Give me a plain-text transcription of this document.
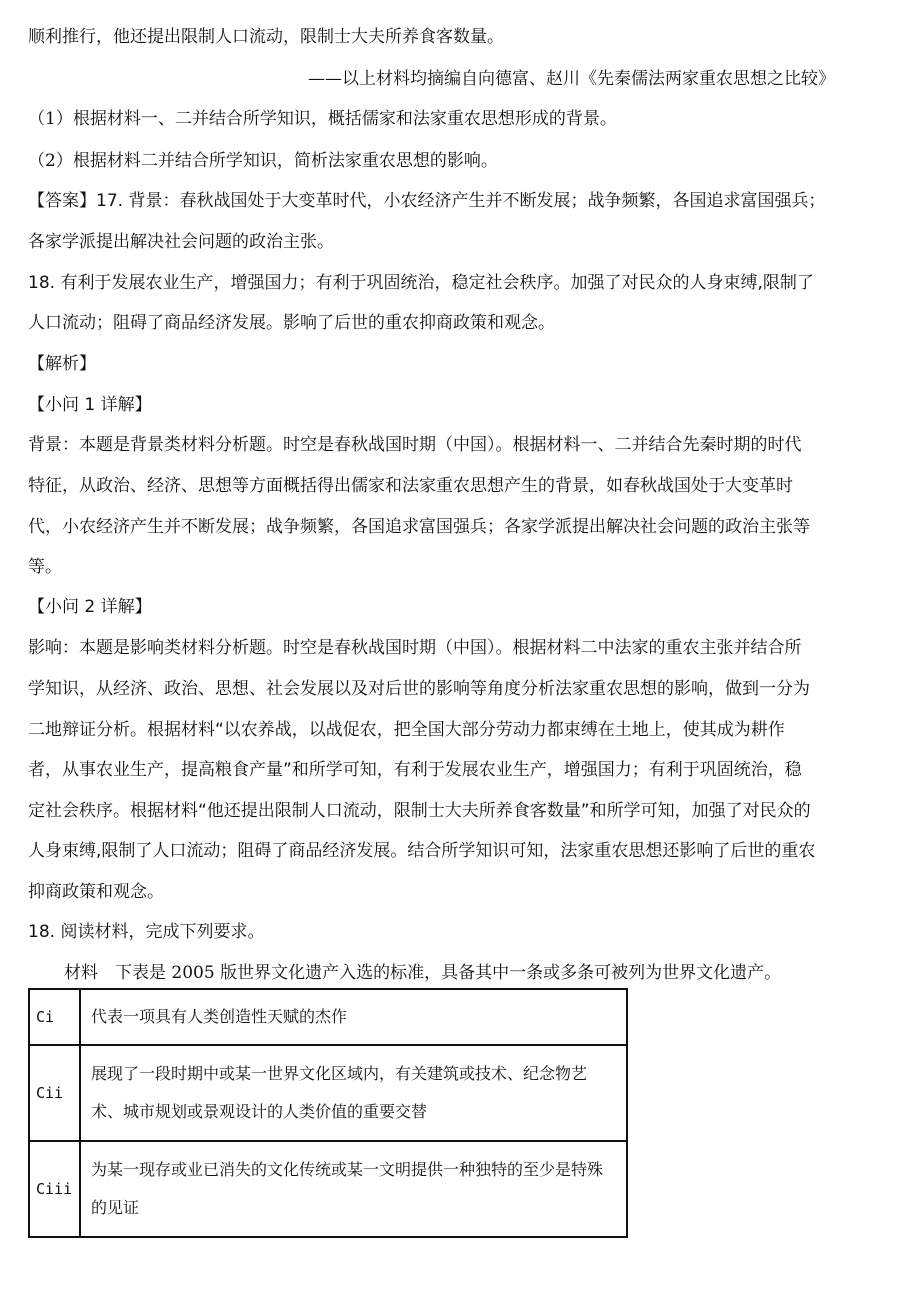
顺利推行，他还提出限制人口流动，限制士大夫所养食客数量。
——以上材料均摘编自向德富、赵川《先秦儒法两家重农思想之比较》
（1）根据材料一、二并结合所学知识，概括儒家和法家重农思想形成的背景。
（2）根据材料二并结合所学知识，简析法家重农思想的影响。
【答案】17. 背景：春秋战国处于大变革时代，小农经济产生并不断发展；战争频繁，各国追求富国强兵；
各家学派提出解决社会问题的政治主张。
18. 有利于发展农业生产，增强国力；有利于巩固统治，稳定社会秩序。加强了对民众的人身束缚,限制了
人口流动；阻碍了商品经济发展。影响了后世的重农抑商政策和观念。
【解析】
【小问 1 详解】
背景：本题是背景类材料分析题。时空是春秋战国时期（中国）。根据材料一、二并结合先秦时期的时代
特征，从政治、经济、思想等方面概括得出儒家和法家重农思想产生的背景，如春秋战国处于大变革时
代，小农经济产生并不断发展；战争频繁，各国追求富国强兵；各家学派提出解决社会问题的政治主张等
等。
【小问 2 详解】
影响：本题是影响类材料分析题。时空是春秋战国时期（中国）。根据材料二中法家的重农主张并结合所
学知识，从经济、政治、思想、社会发展以及对后世的影响等角度分析法家重农思想的影响，做到一分为
二地辩证分析。根据材料“以农养战，以战促农，把全国大部分劳动力都束缚在土地上，使其成为耕作
者，从事农业生产，提高粮食产量”和所学可知，有利于发展农业生产，增强国力；有利于巩固统治，稳
定社会秩序。根据材料“他还提出限制人口流动，限制士大夫所养食客数量”和所学可知，加强了对民众的
人身束缚,限制了人口流动；阻碍了商品经济发展。结合所学知识可知，法家重农思想还影响了后世的重农
抑商政策和观念。
18. 阅读材料，完成下列要求。
材料　下表是 2005 版世界文化遗产入选的标准，具备其中一条或多条可被列为世界文化遗产。
Ci	代表一项具有人类创造性天赋的杰作
Cii	展现了一段时期中或某一世界文化区域内，有关建筑或技术、纪念物艺术、城市规划或景观设计的人类价值的重要交替
Ciii	为某一现存或业已消失的文化传统或某一文明提供一种独特的至少是特殊的见证
